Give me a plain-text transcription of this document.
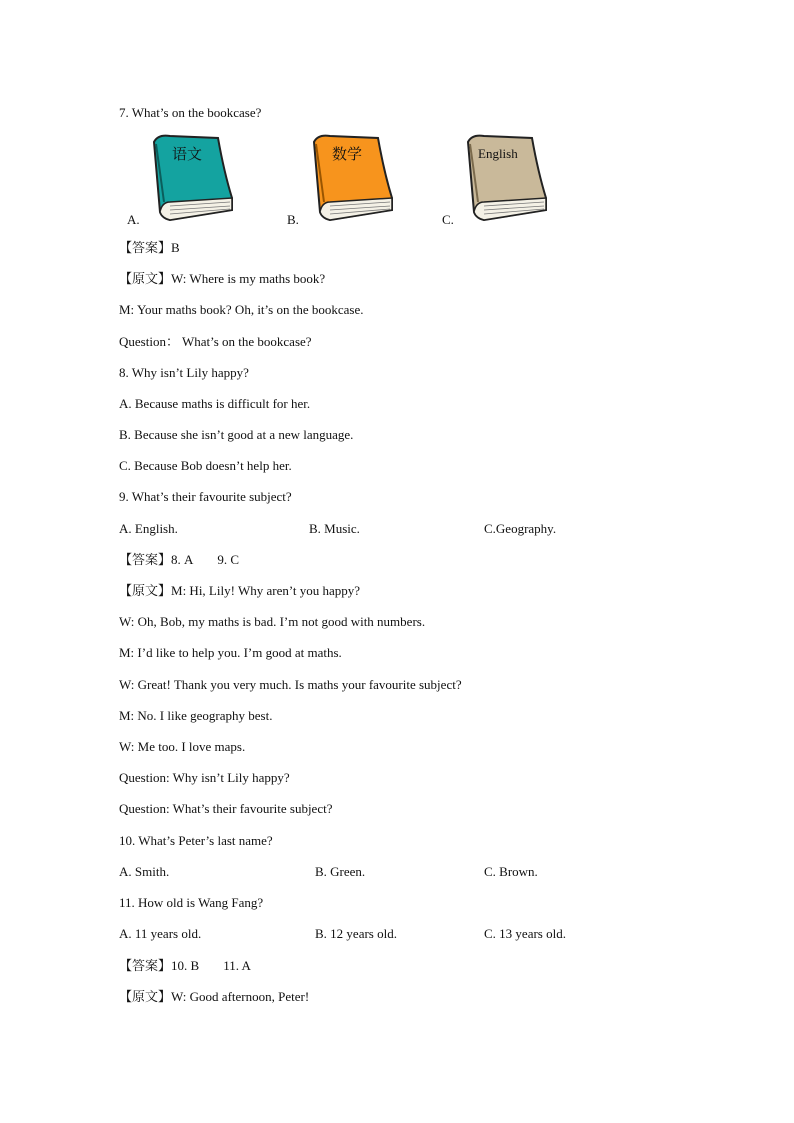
7. What’s on the bookcase?
语文	数学	English
A.	B.	C.
【答案】B
【原文】W: Where is my maths book?
M: Your maths book? Oh, it’s on the bookcase.
Question： What’s on the bookcase?
8. Why isn’t Lily happy?
A. Because maths is difficult for her.
B. Because she isn’t good at a new language.
C. Because Bob doesn’t help her.
9. What’s their favourite subject?
A. English.	B. Music.	C.Geography.
【答案】8. A 9. C
【原文】M: Hi, Lily! Why aren’t you happy?
W: Oh, Bob, my maths is bad. I’m not good with numbers.
M: I’d like to help you. I’m good at maths.
W: Great! Thank you very much. Is maths your favourite subject?
M: No. I like geography best.
W: Me too. I love maps.
Question: Why isn’t Lily happy?
Question: What’s their favourite subject?
10. What’s Peter’s last name?
A. Smith.	B. Green.	C. Brown.
11. How old is Wang Fang?
A. 11 years old.	B. 12 years old.	C. 13 years old.
【答案】10. B 11. A
【原文】W: Good afternoon, Peter!
